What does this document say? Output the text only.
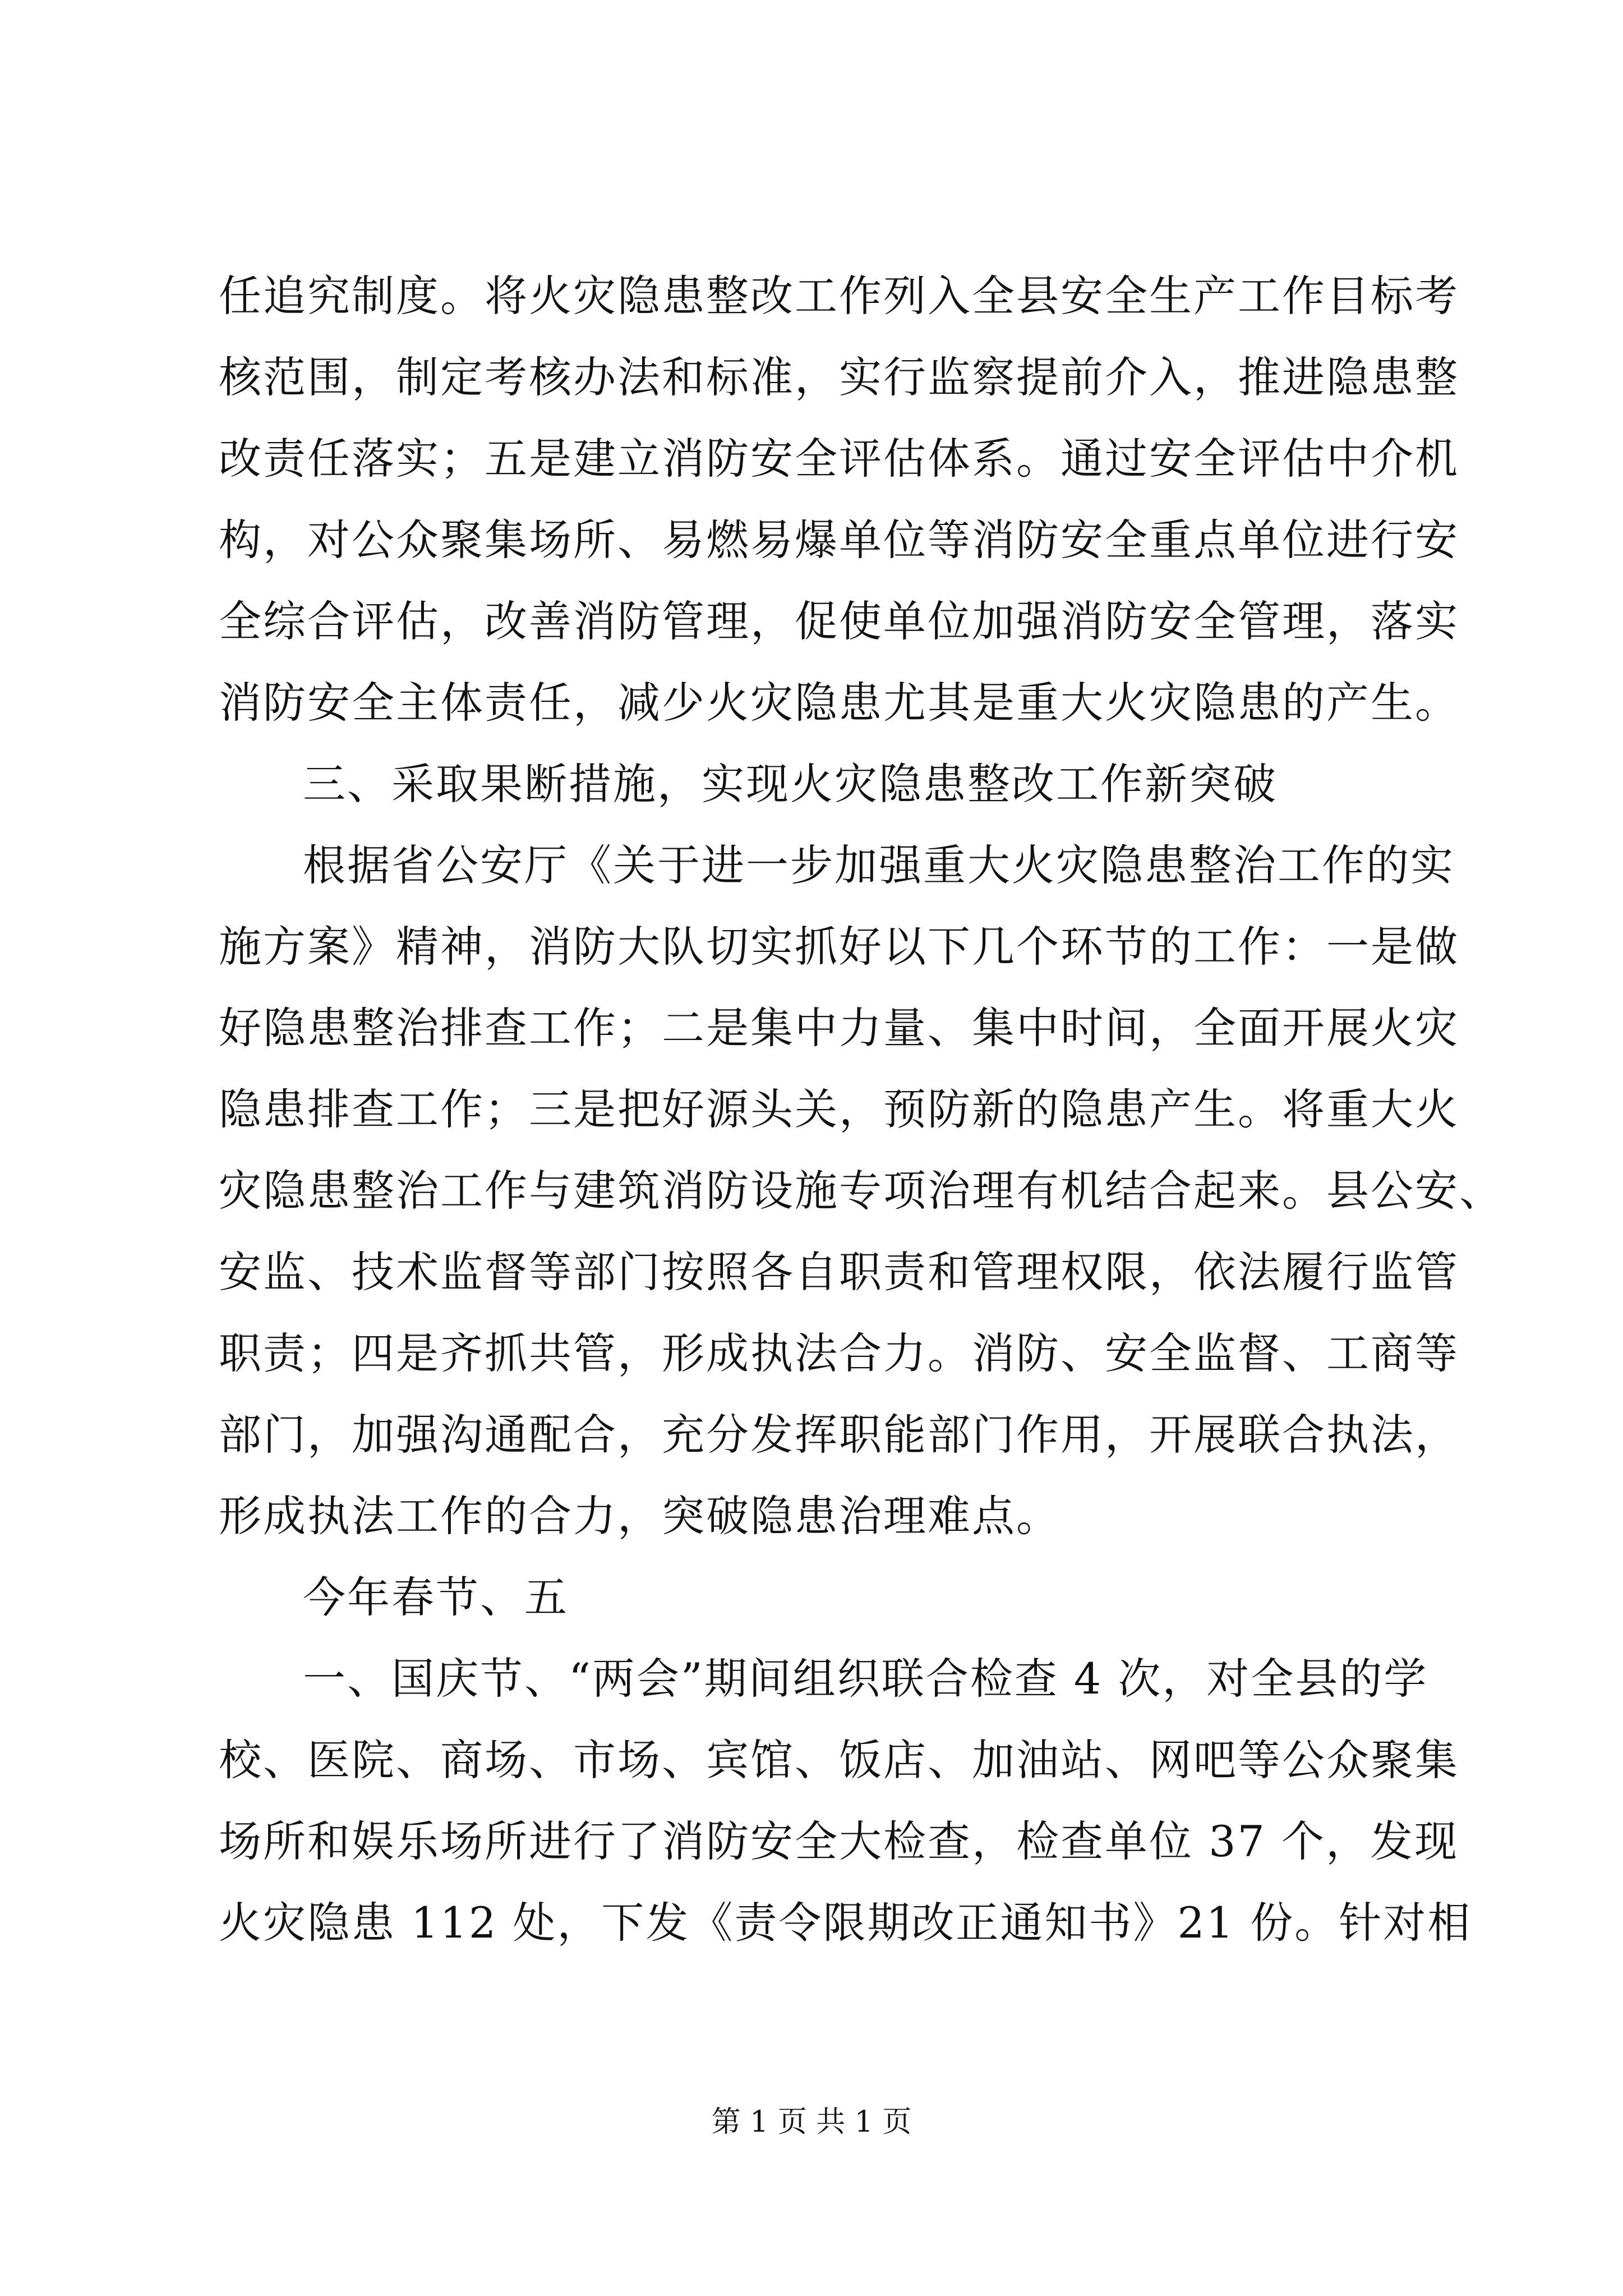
任追究制度。将火灾隐患整改工作列入全县安全生产工作目标考
核范围，制定考核办法和标准，实行监察提前介入，推进隐患整
改责任落实；五是建立消防安全评估体系。通过安全评估中介机
构，对公众聚集场所、易燃易爆单位等消防安全重点单位进行安
全综合评估，改善消防管理，促使单位加强消防安全管理，落实
消防安全主体责任，减少火灾隐患尤其是重大火灾隐患的产生。
三、采取果断措施，实现火灾隐患整改工作新突破
根据省公安厅《关于进一步加强重大火灾隐患整治工作的实
施方案》精神，消防大队切实抓好以下几个环节的工作：一是做
好隐患整治排查工作；二是集中力量、集中时间，全面开展火灾
隐患排查工作；三是把好源头关，预防新的隐患产生。将重大火
灾隐患整治工作与建筑消防设施专项治理有机结合起来。县公安、
安监、技术监督等部门按照各自职责和管理权限，依法履行监管
职责；四是齐抓共管，形成执法合力。消防、安全监督、工商等
部门，加强沟通配合，充分发挥职能部门作用，开展联合执法，
形成执法工作的合力，突破隐患治理难点。
今年春节、五
一、国庆节、“两会”期间组织联合检查 4 次，对全县的学
校、医院、商场、市场、宾馆、饭店、加油站、网吧等公众聚集
场所和娱乐场所进行了消防安全大检查，检查单位 37 个，发现
火灾隐患 112 处，下发《责令限期改正通知书》21 份。针对相
第 1 页 共 1 页
